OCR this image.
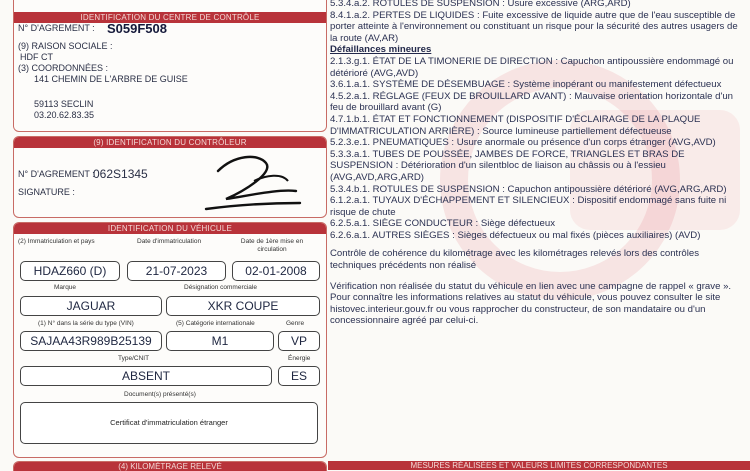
IDENTIFICATION DU CENTRE DE CONTRÔLE
N° D'AGREMENT : S059F508
(9) RAISON SOCIALE :
HDF CT
(3) COORDONNÉES :
141 CHEMIN DE L'ARBRE DE GUISE
59113 SECLIN
03.20.62.83.35
(9) IDENTIFICATION DU CONTRÔLEUR
N° D'AGREMENT :
062S1345
SIGNATURE :
IDENTIFICATION DU VÉHICULE
(2) Immatriculation et pays	Date d'immatriculation	Date de 1ère mise en circulation
HDAZ660 (D)	21-07-2023	02-01-2008
Marque	Désignation commerciale
JAGUAR	XKR COUPE
(1) N° dans la série du type (VIN)	(5) Catégorie internationale	Genre
SAJAA43R989B25139	M1	VP
Type/CNIT	Énergie
ABSENT	ES
Document(s) présenté(s)
Certificat d'immatriculation étranger
(4) KILOMÉTRAGE RELEVÉ

5.3.4.a.2. ROTULES DE SUSPENSION : Usure excessive (ARG,ARD)

8.4.1.a.2. PERTES DE LIQUIDES : Fuite excessive de liquide autre que de l'eau susceptible de porter atteinte à l'environnement ou constituant un risque pour la sécurité des autres usagers de la route (AV,AR)

Défaillances mineures

2.1.3.g.1. ÉTAT DE LA TIMONERIE DE DIRECTION : Capuchon antipoussière endommagé ou détérioré (AVG,AVD)

3.6.1.a.1. SYSTÈME DE DÉSEMBUAGE : Système inopérant ou manifestement défectueux

4.5.2.a.1. RÉGLAGE (FEUX DE BROUILLARD AVANT) : Mauvaise orientation horizontale d'un feu de brouillard avant (G)

4.7.1.b.1. ÉTAT ET FONCTIONNEMENT (DISPOSITIF D'ÉCLAIRAGE DE LA PLAQUE D'IMMATRICULATION ARRIÈRE) : Source lumineuse partiellement défectueuse

5.2.3.e.1. PNEUMATIQUES : Usure anormale ou présence d'un corps étranger (AVG,AVD)

5.3.3.a.1. TUBES DE POUSSÉE, JAMBES DE FORCE, TRIANGLES ET BRAS DE SUSPENSION : Détérioration d'un silentbloc de liaison au châssis ou à l'essieu (AVG,AVD,ARG,ARD)

5.3.4.b.1. ROTULES DE SUSPENSION : Capuchon antipoussière détérioré (AVG,ARG,ARD)

6.1.2.a.1. TUYAUX D'ÉCHAPPEMENT ET SILENCIEUX : Dispositif endommagé sans fuite ni risque de chute

6.2.5.a.1. SIÈGE CONDUCTEUR : Siège défectueux

6.2.6.a.1. AUTRES SIÈGES : Sièges défectueux ou mal fixés (pièces auxiliaires) (AVD)

Contrôle de cohérence du kilométrage avec les kilométrages relevés lors des contrôles techniques précédents non réalisé

Vérification non réalisée du statut du véhicule en lien avec une campagne de rappel « grave ». Pour connaître les informations relatives au statut du véhicule, vous pouvez consulter le site histovec.interieur.gouv.fr ou vous rapprocher du constructeur, de son mandataire ou d'un concessionnaire agréé par celui-ci.

MESURES RÉALISÉES ET VALEURS LIMITES CORRESPONDANTES
